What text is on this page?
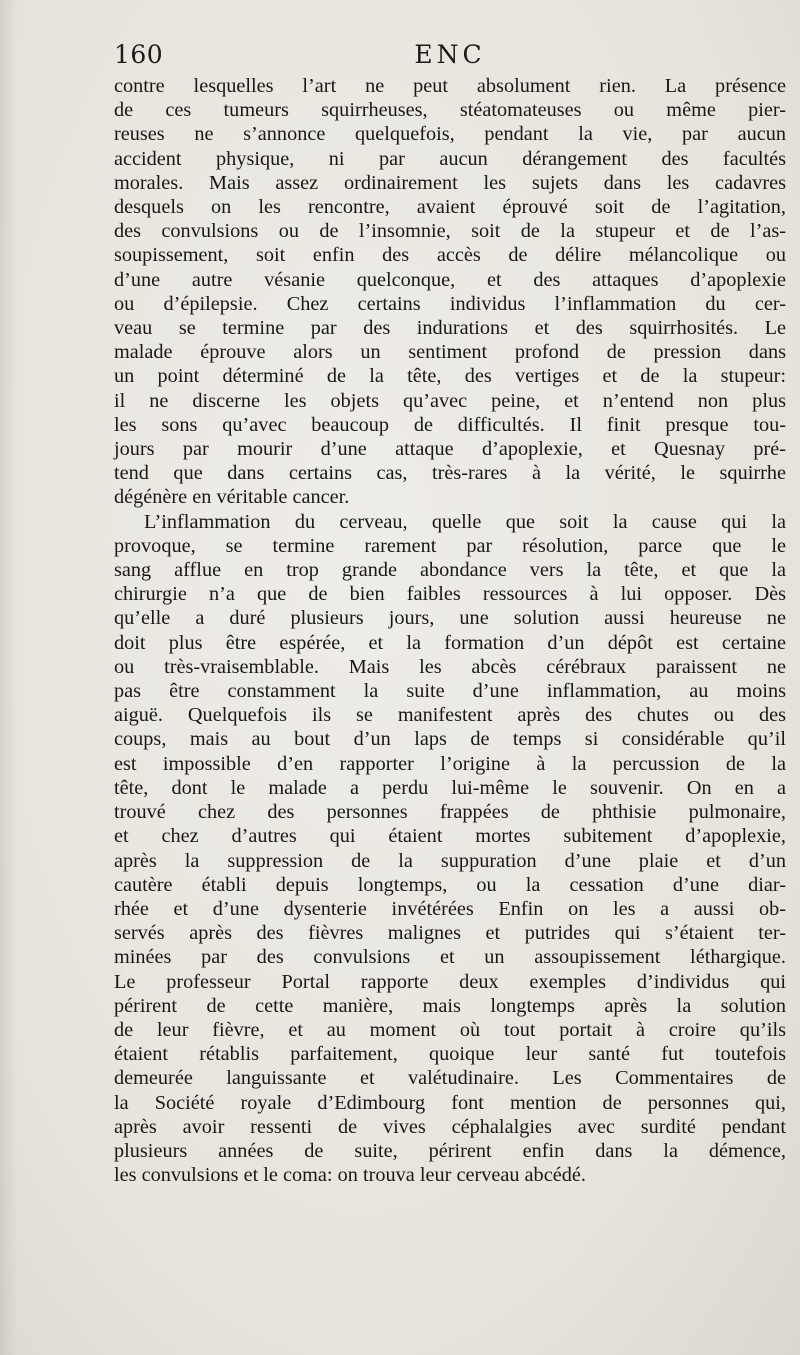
160	ENC
contre lesquelles l’art ne peut absolument rien. La présence
de ces tumeurs squirrheuses, stéatomateuses ou même pier-
reuses ne s’annonce quelquefois, pendant la vie, par aucun
accident physique, ni par aucun dérangement des facultés
morales. Mais assez ordinairement les sujets dans les cadavres
desquels on les rencontre, avaient éprouvé soit de l’agitation,
des convulsions ou de l’insomnie, soit de la stupeur et de l’as-
soupissement, soit enfin des accès de délire mélancolique ou
d’une autre vésanie quelconque, et des attaques d’apoplexie
ou d’épilepsie. Chez certains individus l’inflammation du cer-
veau se termine par des indurations et des squirrhosités. Le
malade éprouve alors un sentiment profond de pression dans
un point déterminé de la tête, des vertiges et de la stupeur:
il ne discerne les objets qu’avec peine, et n’entend non plus
les sons qu’avec beaucoup de difficultés. Il finit presque tou-
jours par mourir d’une attaque d’apoplexie, et Quesnay pré-
tend que dans certains cas, très-rares à la vérité, le squirrhe
dégénère en véritable cancer.
L’inflammation du cerveau, quelle que soit la cause qui la
provoque, se termine rarement par résolution, parce que le
sang afflue en trop grande abondance vers la tête, et que la
chirurgie n’a que de bien faibles ressources à lui opposer. Dès
qu’elle a duré plusieurs jours, une solution aussi heureuse ne
doit plus être espérée, et la formation d’un dépôt est certaine
ou très-vraisemblable. Mais les abcès cérébraux paraissent ne
pas être constamment la suite d’une inflammation, au moins
aiguë. Quelquefois ils se manifestent après des chutes ou des
coups, mais au bout d’un laps de temps si considérable qu’il
est impossible d’en rapporter l’origine à la percussion de la
tête, dont le malade a perdu lui-même le souvenir. On en a
trouvé chez des personnes frappées de phthisie pulmonaire,
et chez d’autres qui étaient mortes subitement d’apoplexie,
après la suppression de la suppuration d’une plaie et d’un
cautère établi depuis longtemps, ou la cessation d’une diar-
rhée et d’une dysenterie invétérées Enfin on les a aussi ob-
servés après des fièvres malignes et putrides qui s’étaient ter-
minées par des convulsions et un assoupissement léthargique.
Le professeur Portal rapporte deux exemples d’individus qui
périrent de cette manière, mais longtemps après la solution
de leur fièvre, et au moment où tout portait à croire qu’ils
étaient rétablis parfaitement, quoique leur santé fut toutefois
demeurée languissante et valétudinaire. Les Commentaires de
la Société royale d’Edimbourg font mention de personnes qui,
après avoir ressenti de vives céphalalgies avec surdité pendant
plusieurs années de suite, périrent enfin dans la démence,
les convulsions et le coma: on trouva leur cerveau abcédé.
